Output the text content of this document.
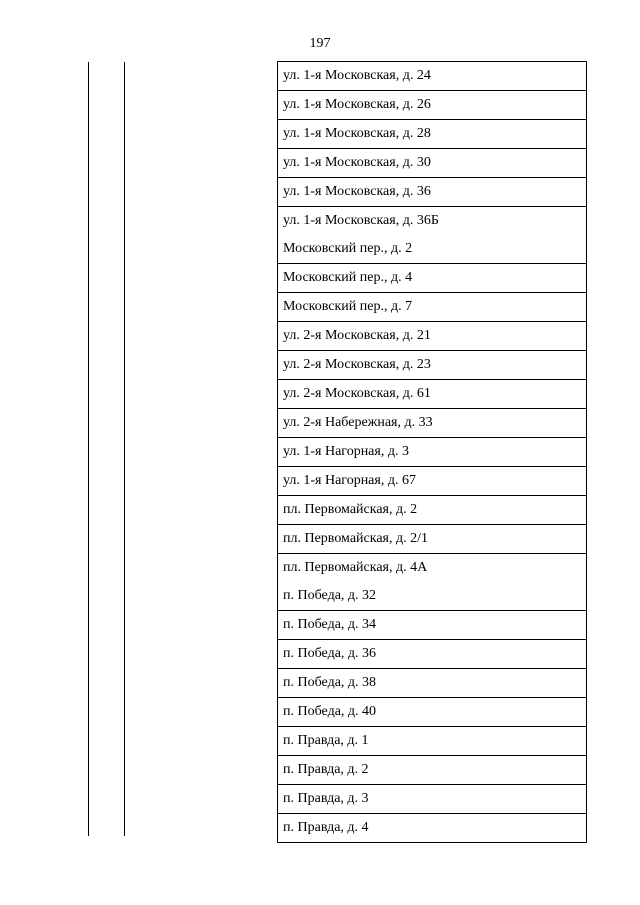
197
ул. 1-я Московская, д. 24
ул. 1-я Московская, д. 26
ул. 1-я Московская, д. 28
ул. 1-я Московская, д. 30
ул. 1-я Московская, д. 36
ул. 1-я Московская, д. 36Б
Московский пер., д. 2
Московский пер., д. 4
Московский пер., д. 7
ул. 2-я Московская, д. 21
ул. 2-я Московская, д. 23
ул. 2-я Московская, д. 61
ул. 2-я Набережная, д. 33
ул. 1-я Нагорная, д. 3
ул. 1-я Нагорная, д. 67
пл. Первомайская, д. 2
пл. Первомайская, д. 2/1
пл. Первомайская, д. 4А
п. Победа, д. 32
п. Победа, д. 34
п. Победа, д. 36
п. Победа, д. 38
п. Победа, д. 40
п. Правда, д. 1
п. Правда, д. 2
п. Правда, д. 3
п. Правда, д. 4
